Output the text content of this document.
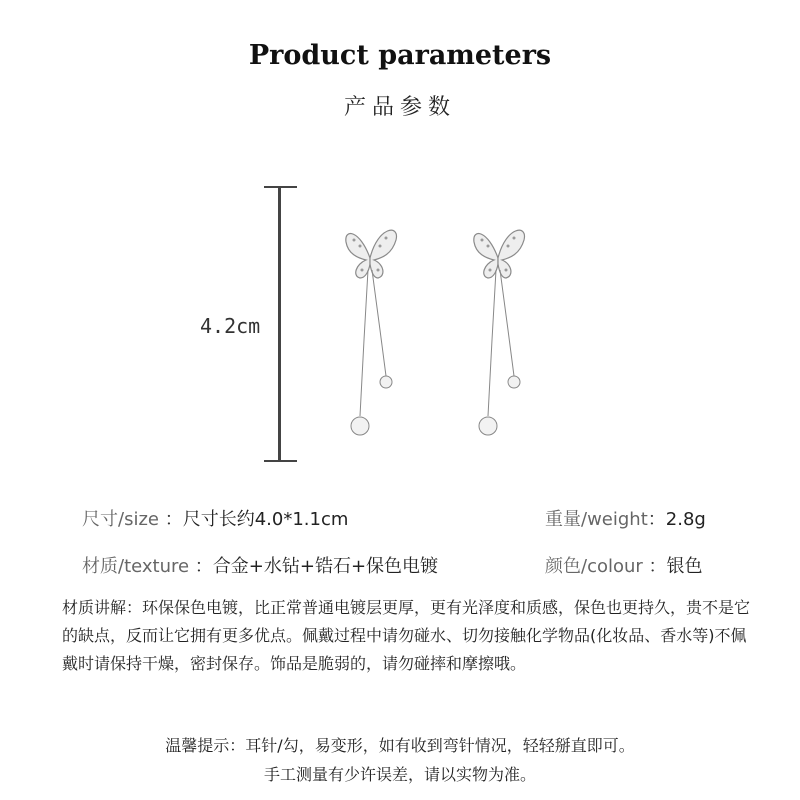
Product parameters
产品参数
4.2cm
尺寸/size ：尺寸长约4.0*1.1cm	重量/weight：2.8g
材质/texture ：合金+水钻+锆石+保色电镀	颜色/colour ：银色
材质讲解：环保保色电镀，比正常普通电镀层更厚，更有光泽度和质感，保色也更持久，贵不是它的缺点，反而让它拥有更多优点。佩戴过程中请勿碰水、切勿接触化学物品(化妆品、香水等)不佩戴时请保持干燥，密封保存。饰品是脆弱的，请勿碰摔和摩擦哦。
温馨提示：耳针/勾，易变形，如有收到弯针情况，轻轻掰直即可。
手工测量有少许误差，请以实物为准。
